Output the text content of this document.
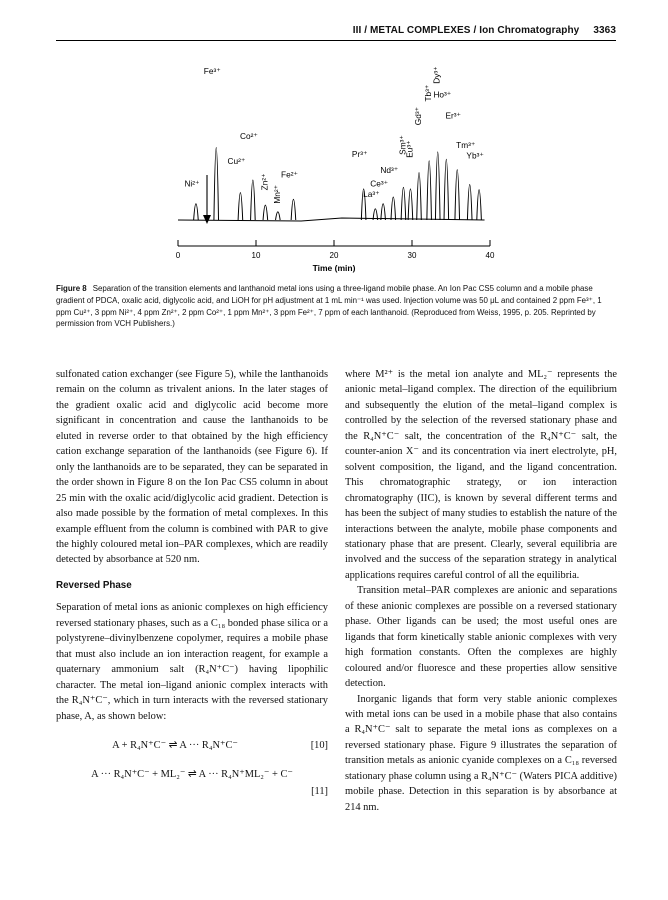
III / METAL COMPLEXES / Ion Chromatography 3363
0	10	20	30	40
Ni²⁺
Fe³⁺
Cu²⁺
Co²⁺
Zn²⁺
Mn²⁺
Fe²⁺
Pr³⁺
La³⁺
Ce³⁺
Nd³⁺
Sm³⁺
Eu³⁺
Gd³⁺
Tb³⁺
Dy³⁺
Ho³⁺
Er³⁺
Tm³⁺
Yb³⁺
Time (min)
Figure 8 Separation of the transition elements and lanthanoid metal ions using a three-ligand mobile phase. An Ion Pac CS5 column and a mobile phase gradient of PDCA, oxalic acid, diglycolic acid, and LiOH for pH adjustment at 1 mL min⁻¹ was used. Injection volume was 50 μL and contained 2 ppm Fe³⁺, 1 ppm Cu²⁺, 3 ppm Ni²⁺, 4 ppm Zn²⁺, 2 ppm Co²⁺, 1 ppm Mn²⁺, 3 ppm Fe²⁺, 7 ppm of each lanthanoid. (Reproduced from Weiss, 1995, p. 205. Reprinted by permission from VCH Publishers.)

sulfonated cation exchanger (see Figure 5), while the lanthanoids remain on the column as trivalent anions. In the later stages of the gradient oxalic acid and diglycolic acid become more significant in concentration and cause the lanthanoids to be eluted in reverse order to that obtained by the high efficiency cation exchange separation of the lanthanoids (see Figure 6). If only the lanthanoids are to be separated, they can be separated in the order shown in Figure 8 on the Ion Pac CS5 column in about 25 min with the oxalic acid/diglycolic acid gradient. Detection is also made possible by the formation of metal complexes. In this example effluent from the column is combined with PAR to give the highly coloured metal ion–PAR complexes, which are readily detected by absorbance at 520 nm.

Reversed Phase

Separation of metal ions as anionic complexes on high efficiency reversed stationary phases, such as a C₁₈ bonded phase silica or a polystyrene–divinylbenzene copolymer, requires a mobile phase that must also include an ion interaction reagent, for example a quaternary ammonium salt (R₄N⁺C⁻) having lipophilic character. The metal ion–ligand anionic complex interacts with the R₄N⁺C⁻, which in turn interacts with the reversed stationary phase, A, as shown below:

A + R₄N⁺C⁻ ⇌ A ··· R₄N⁺C⁻	[10]
A ··· R₄N⁺C⁻ + ML₂⁻ ⇌ A ··· R₄N⁺ML₂⁻ + C⁻
[11]

where M²⁺ is the metal ion analyte and ML₂⁻ represents the anionic metal–ligand complex. The direction of the equilibrium and subsequently the elution of the metal–ligand complex is controlled by the selection of the reversed stationary phase and the R₄N⁺C⁻ salt, the concentration of the R₄N⁺C⁻ salt, the counter-anion X⁻ and its concentration via inert electrolyte, pH, solvent composition, the ligand, and the ligand concentration. This chromatographic strategy, or ion interaction chromatography (IIC), is known by several different terms and has been the subject of many studies to establish the nature of the interactions between the analyte, mobile phase components and stationary phase that are present. Clearly, several equilibria are involved and the success of the separation strategy in analytical applications requires careful control of all the equilibria.

Transition metal–PAR complexes are anionic and separations of these anionic complexes are possible on a reversed stationary phase. Other ligands can be used; the most useful ones are ligands that form kinetically stable anionic complexes with very high formation constants. Often the complexes are highly coloured and/or fluoresce and these properties allow sensitive detection.

Inorganic ligands that form very stable anionic complexes with metal ions can be used in a mobile phase that also contains a R₄N⁺C⁻ salt to separate the metal ions as complexes on a reversed stationary phase. Figure 9 illustrates the separation of transition metals as anionic cyanide complexes on a C₁₈ reversed stationary phase column using a R₄N⁺C⁻ (Waters PICA additive) mobile phase. Detection in this separation is by absorbance at 214 nm.
